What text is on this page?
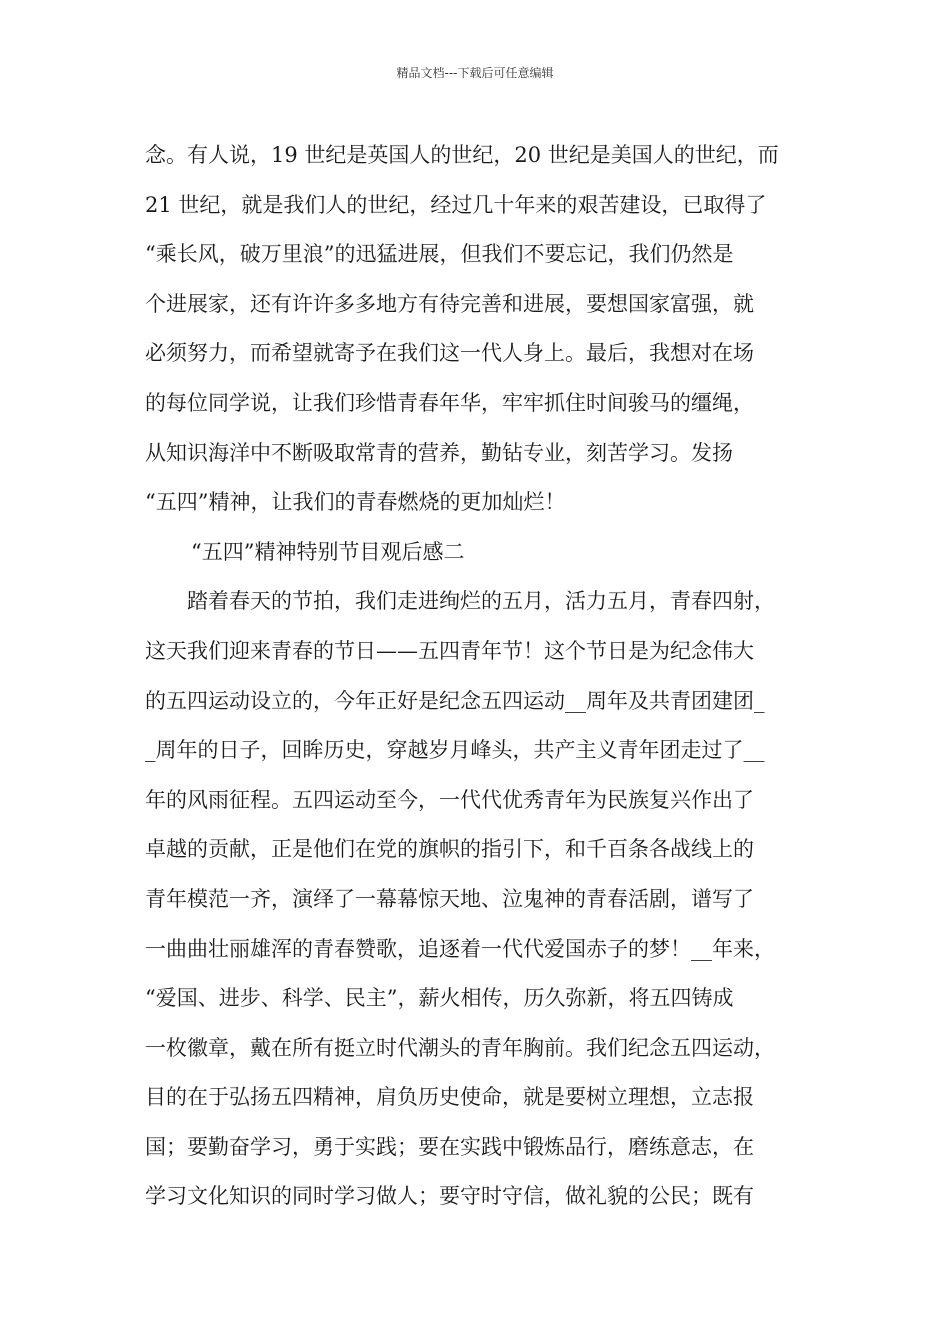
精品文档---下载后可任意编辑
念。有人说，19 世纪是英国人的世纪，20 世纪是美国人的世纪，而
21 世纪，就是我们人的世纪，经过几十年来的艰苦建设，已取得了
“乘长风，破万里浪”的迅猛进展，但我们不要忘记，我们仍然是
个进展家，还有许许多多地方有待完善和进展，要想国家富强，就
必须努力，而希望就寄予在我们这一代人身上。最后，我想对在场
的每位同学说，让我们珍惜青春年华，牢牢抓住时间骏马的缰绳，
从知识海洋中不断吸取常青的营养，勤钻专业，刻苦学习。发扬
“五四”精神，让我们的青春燃烧的更加灿烂！
“五四”精神特别节目观后感二
踏着春天的节拍，我们走进绚烂的五月，活力五月，青春四射，
这天我们迎来青春的节日——五四青年节！这个节日是为纪念伟大
的五四运动设立的，今年正好是纪念五四运动__周年及共青团建团_
_周年的日子，回眸历史，穿越岁月峰头，共产主义青年团走过了__
年的风雨征程。五四运动至今，一代代优秀青年为民族复兴作出了
卓越的贡献，正是他们在党的旗帜的指引下，和千百条各战线上的
青年模范一齐，演绎了一幕幕惊天地、泣鬼神的青春活剧，谱写了
一曲曲壮丽雄浑的青春赞歌，追逐着一代代爱国赤子的梦！__年来，
“爱国、进步、科学、民主”，薪火相传，历久弥新，将五四铸成
一枚徽章，戴在所有挺立时代潮头的青年胸前。我们纪念五四运动，
目的在于弘扬五四精神，肩负历史使命，就是要树立理想，立志报
国；要勤奋学习，勇于实践；要在实践中锻炼品行，磨练意志，在
学习文化知识的同时学习做人；要守时守信，做礼貌的公民；既有
